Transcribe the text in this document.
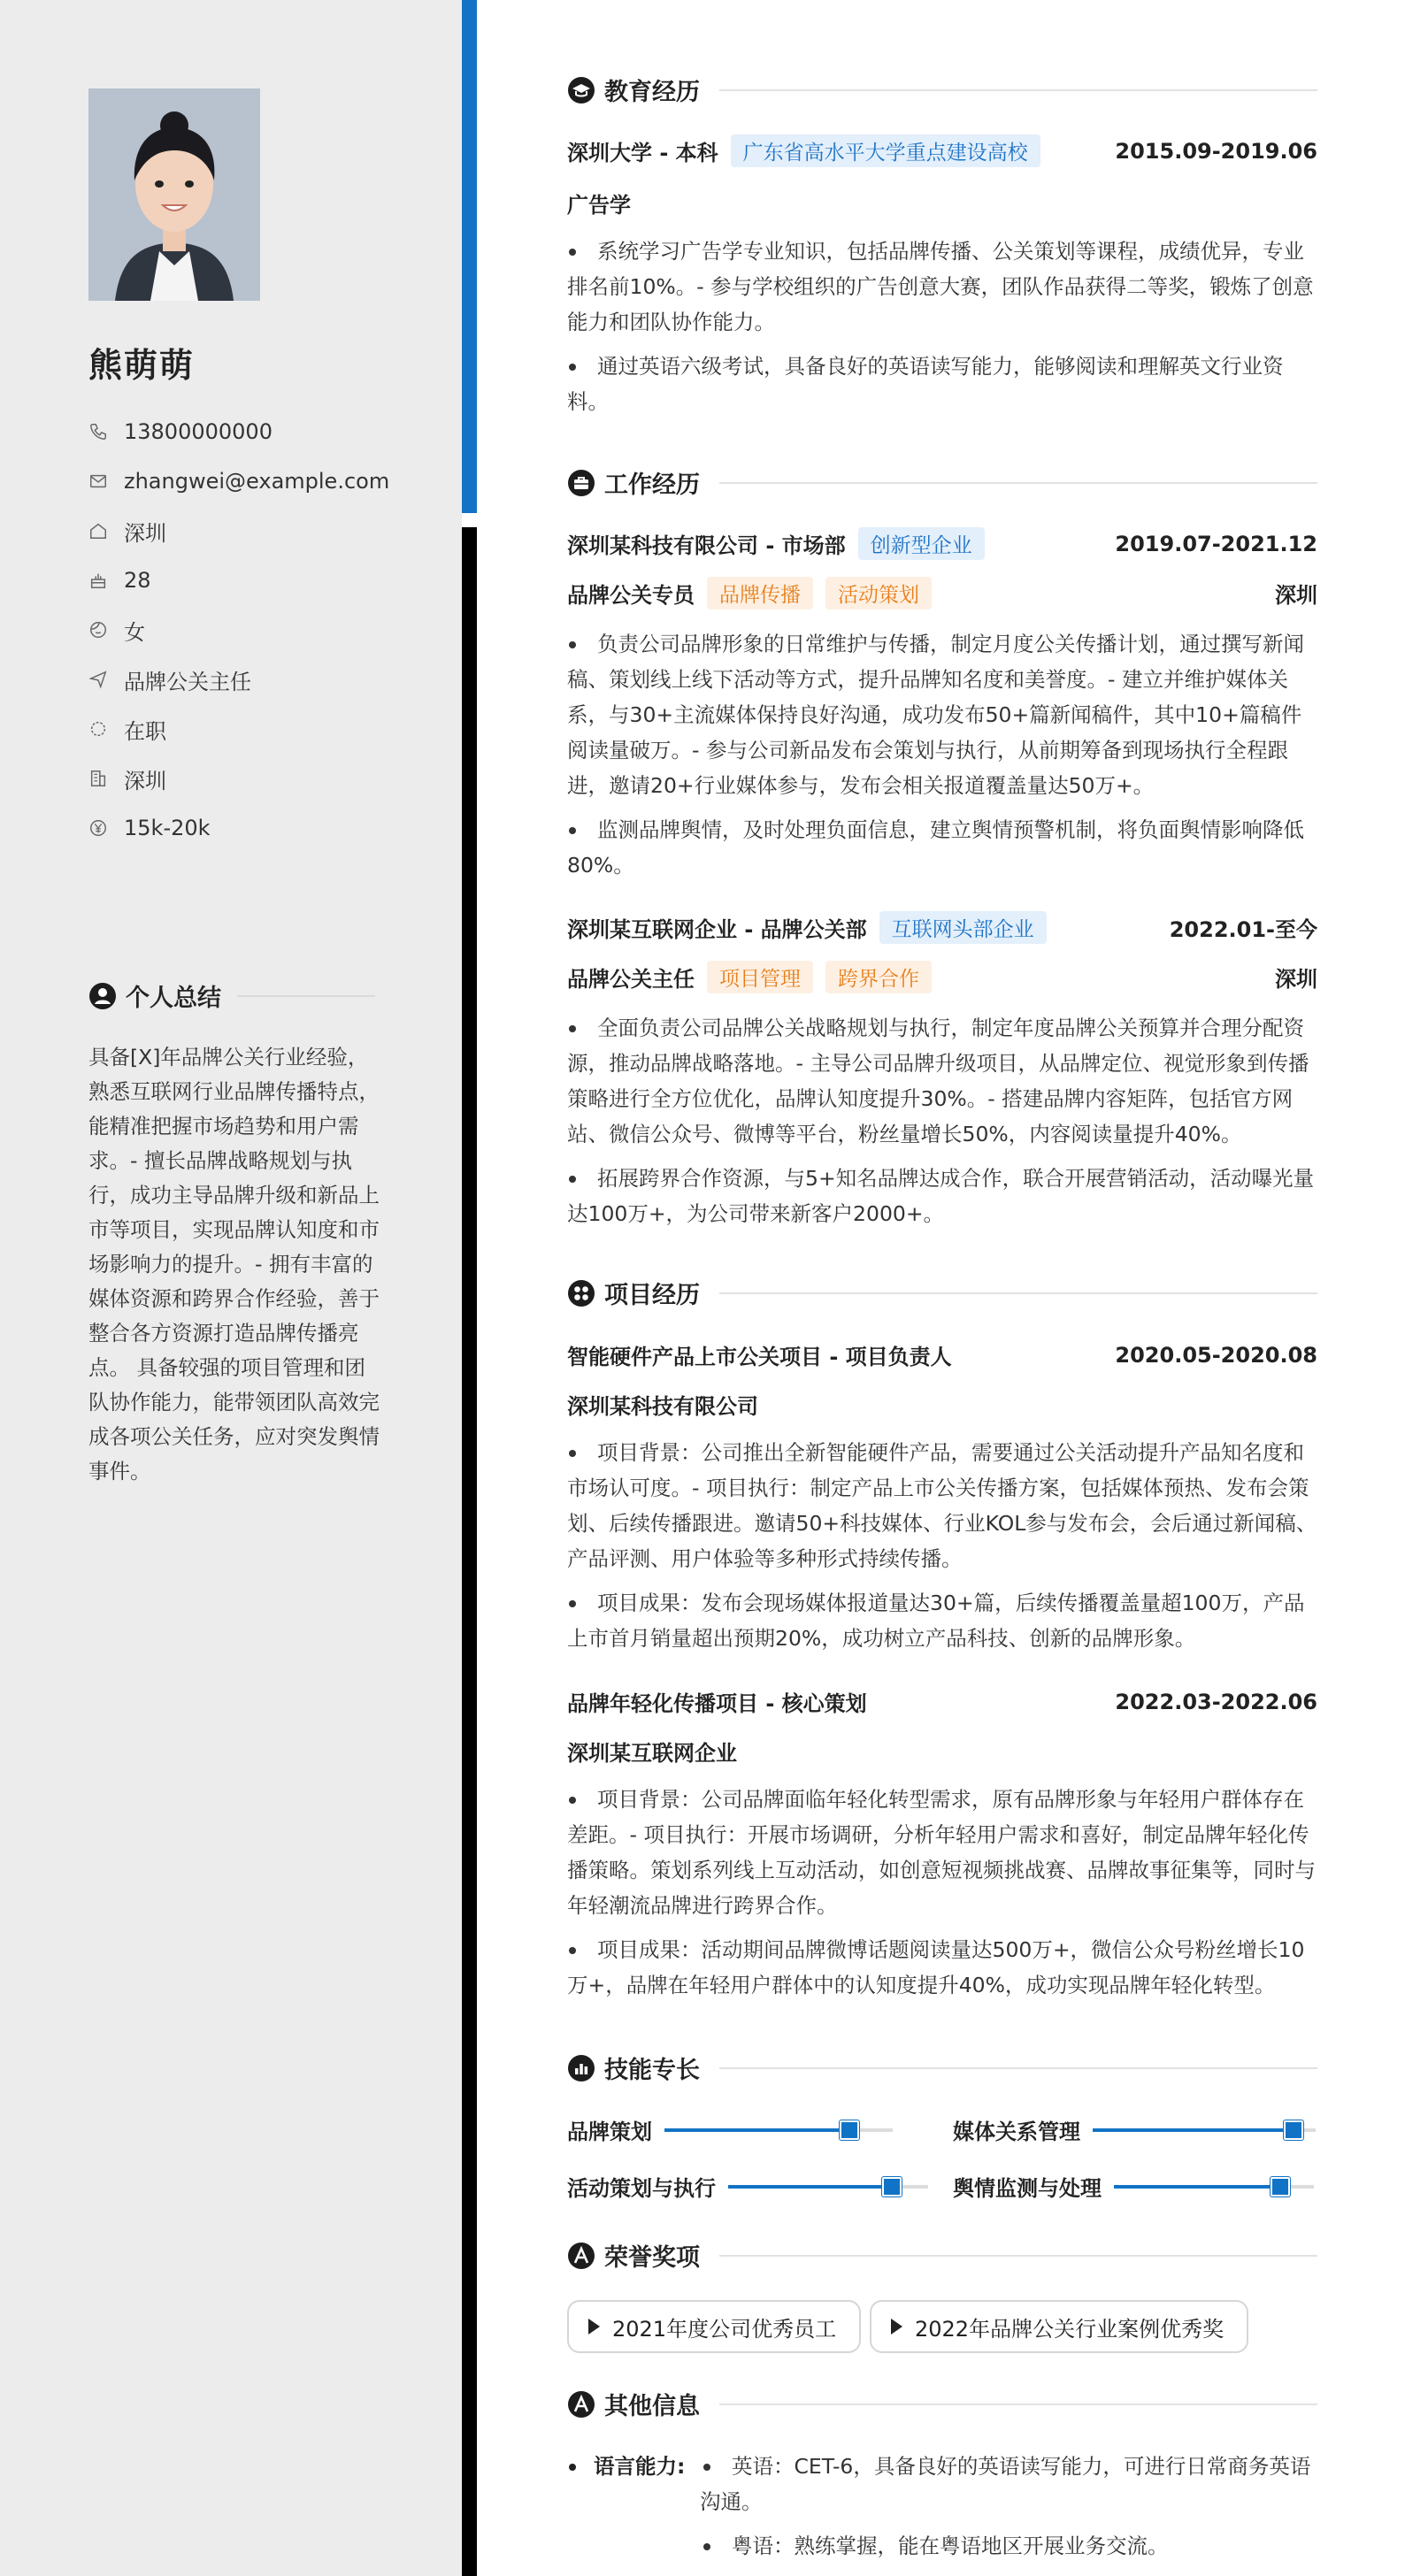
熊萌萌
13800000000
zhangwei@example.com
深圳
28
女
品牌公关主任
在职
深圳
15k-20k
个人总结
具备[X]年品牌公关行业经验，熟悉互联网行业品牌传播特点，能精准把握市场趋势和用户需求。- 擅长品牌战略规划与执行，成功主导品牌升级和新品上市等项目，实现品牌认知度和市场影响力的提升。- 拥有丰富的媒体资源和跨界合作经验，善于整合各方资源打造品牌传播亮点。 具备较强的项目管理和团队协作能力，能带领团队高效完成各项公关任务，应对突发舆情事件。
教育经历
深圳大学 - 本科	广东省高水平大学重点建设高校	2015.09-2019.06
广告学
系统学习广告学专业知识，包括品牌传播、公关策划等课程，成绩优异，专业排名前10%。- 参与学校组织的广告创意大赛，团队作品获得二等奖，锻炼了创意能力和团队协作能力。
通过英语六级考试，具备良好的英语读写能力，能够阅读和理解英文行业资料。
工作经历
深圳某科技有限公司 - 市场部	创新型企业	2019.07-2021.12
品牌公关专员	品牌传播	活动策划	深圳
负责公司品牌形象的日常维护与传播，制定月度公关传播计划，通过撰写新闻稿、策划线上线下活动等方式，提升品牌知名度和美誉度。- 建立并维护媒体关系，与30+主流媒体保持良好沟通，成功发布50+篇新闻稿件，其中10+篇稿件阅读量破万。- 参与公司新品发布会策划与执行，从前期筹备到现场执行全程跟进，邀请20+行业媒体参与，发布会相关报道覆盖量达50万+。
监测品牌舆情，及时处理负面信息，建立舆情预警机制，将负面舆情影响降低80%。
深圳某互联网企业 - 品牌公关部	互联网头部企业	2022.01-至今
品牌公关主任	项目管理	跨界合作	深圳
全面负责公司品牌公关战略规划与执行，制定年度品牌公关预算并合理分配资源，推动品牌战略落地。- 主导公司品牌升级项目，从品牌定位、视觉形象到传播策略进行全方位优化，品牌认知度提升30%。- 搭建品牌内容矩阵，包括官方网站、微信公众号、微博等平台，粉丝量增长50%，内容阅读量提升40%。
拓展跨界合作资源，与5+知名品牌达成合作，联合开展营销活动，活动曝光量达100万+，为公司带来新客户2000+。
项目经历
智能硬件产品上市公关项目 - 项目负责人	2020.05-2020.08
深圳某科技有限公司
项目背景：公司推出全新智能硬件产品，需要通过公关活动提升产品知名度和市场认可度。- 项目执行：制定产品上市公关传播方案，包括媒体预热、发布会策划、后续传播跟进。邀请50+科技媒体、行业KOL参与发布会，会后通过新闻稿、产品评测、用户体验等多种形式持续传播。
项目成果：发布会现场媒体报道量达30+篇，后续传播覆盖量超100万，产品上市首月销量超出预期20%，成功树立产品科技、创新的品牌形象。
品牌年轻化传播项目 - 核心策划	2022.03-2022.06
深圳某互联网企业
项目背景：公司品牌面临年轻化转型需求，原有品牌形象与年轻用户群体存在差距。- 项目执行：开展市场调研，分析年轻用户需求和喜好，制定品牌年轻化传播策略。策划系列线上互动活动，如创意短视频挑战赛、品牌故事征集等，同时与年轻潮流品牌进行跨界合作。
项目成果：活动期间品牌微博话题阅读量达500万+，微信公众号粉丝增长10万+，品牌在年轻用户群体中的认知度提升40%，成功实现品牌年轻化转型。
技能专长
品牌策划	媒体关系管理
活动策划与执行	舆情监测与处理
荣誉奖项
2021年度公司优秀员工	2022年品牌公关行业案例优秀奖
其他信息
语言能力:	英语：CET-6，具备良好的英语读写能力，可进行日常商务英语沟通。
粤语：熟练掌握，能在粤语地区开展业务交流。
